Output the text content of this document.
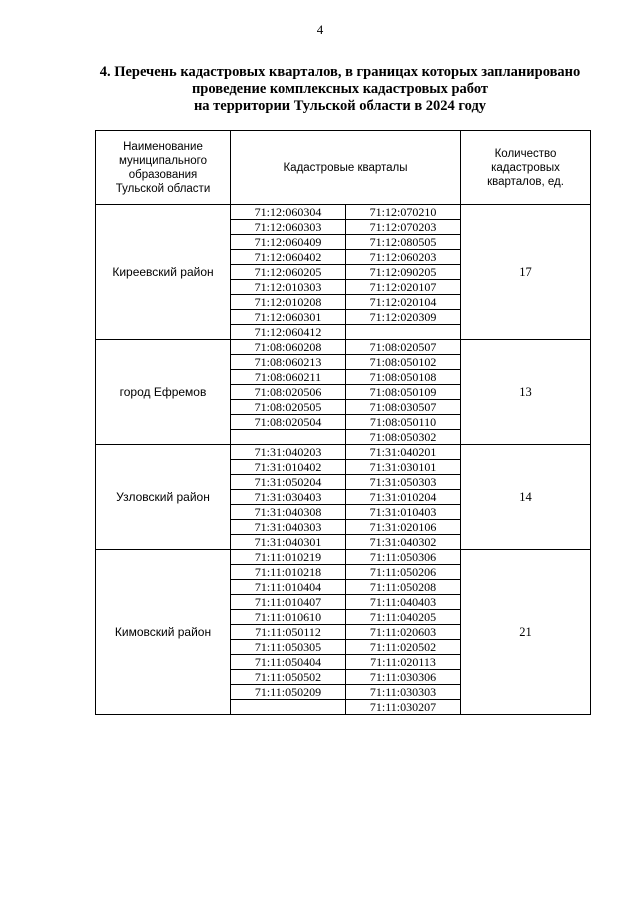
4
4. Перечень кадастровых кварталов, в границах которых запланировано
проведение комплексных кадастровых работ
на территории Тульской области в 2024 году
Наименование муниципального образования Тульской области	Кадастровые кварталы	Количество кадастровых кварталов, ед.
Киреевский район	
71:12:060304	71:12:070210
71:12:060303	71:12:070203
71:12:060409	71:12:080505
71:12:060402	71:12:060203
71:12:060205	71:12:090205
71:12:010303	71:12:020107
71:12:010208	71:12:020104
71:12:060301	71:12:020309
71:12:060412	
	17
город Ефремов	
71:08:060208	71:08:020507
71:08:060213	71:08:050102
71:08:060211	71:08:050108
71:08:020506	71:08:050109
71:08:020505	71:08:030507
71:08:020504	71:08:050110
	71:08:050302
	13
Узловский район	
71:31:040203	71:31:040201
71:31:010402	71:31:030101
71:31:050204	71:31:050303
71:31:030403	71:31:010204
71:31:040308	71:31:010403
71:31:040303	71:31:020106
71:31:040301	71:31:040302
	14
Кимовский район	
71:11:010219	71:11:050306
71:11:010218	71:11:050206
71:11:010404	71:11:050208
71:11:010407	71:11:040403
71:11:010610	71:11:040205
71:11:050112	71:11:020603
71:11:050305	71:11:020502
71:11:050404	71:11:020113
71:11:050502	71:11:030306
71:11:050209	71:11:030303
	71:11:030207
	21
